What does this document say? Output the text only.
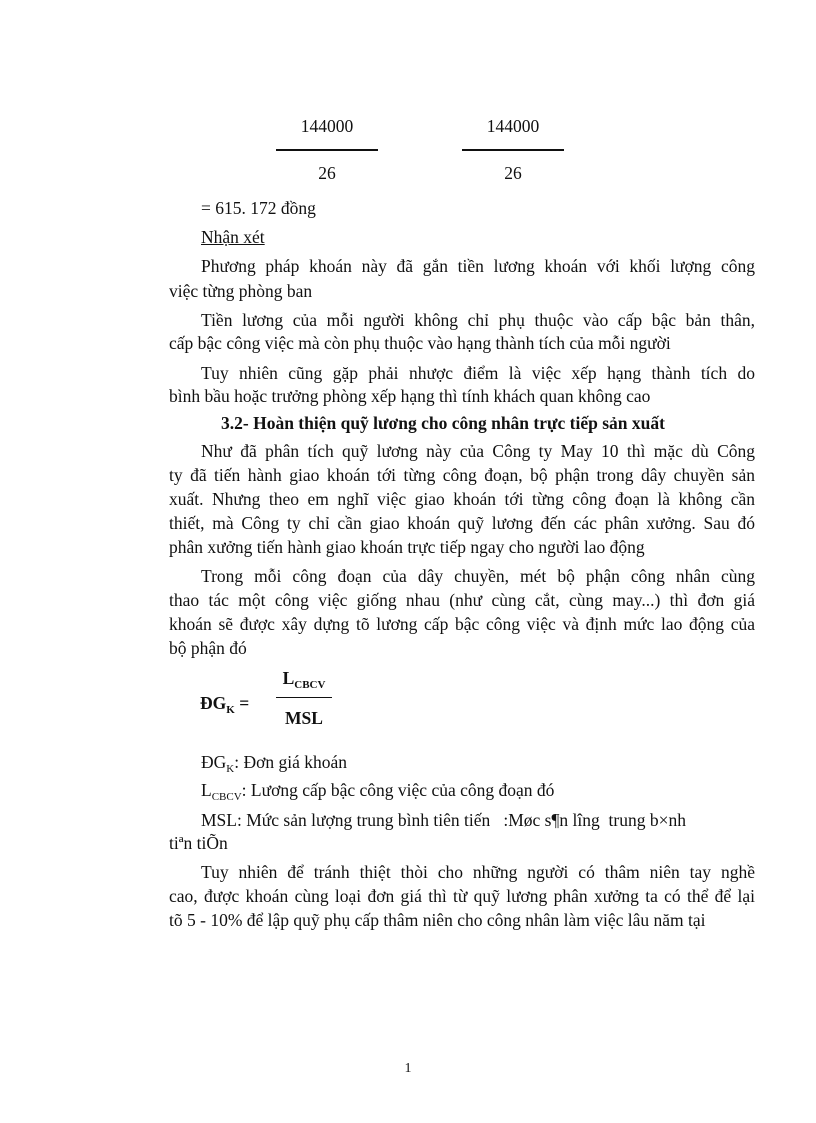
144000
26
144000
26
= 615. 172 đồng
Nhận xét
Phương pháp khoán này đã gắn tiền lương khoán với khối lượng công
việc từng phòng ban
Tiền lương của mỗi người không chỉ phụ thuộc vào cấp bậc bản thân,
cấp bậc công việc mà còn phụ thuộc vào hạng thành tích của mỗi người
Tuy nhiên cũng gặp phải nhược điểm là việc xếp hạng thành tích do
bình bầu hoặc trưởng phòng xếp hạng thì tính khách quan không cao
3.2- Hoàn thiện quỹ lương cho công nhân trực tiếp sản xuất
Như đã phân tích quỹ lương này của Công ty May 10 thì mặc dù Công
ty đã tiến hành giao khoán tới từng công đoạn, bộ phận trong dây chuyền sản
xuất. Nhưng theo em nghĩ việc giao khoán tới từng công đoạn là không cần
thiết, mà Công ty chỉ cần giao khoán quỹ lương đến các phân xưởng. Sau đó
phân xưởng tiến hành giao khoán trực tiếp ngay cho người lao động
Trong mỗi công đoạn của dây chuyền, mét bộ phận công nhân cùng
thao tác một công việc giống nhau (như cùng cắt, cùng may...) thì đơn giá
khoán sẽ được xây dựng tõ lương cấp bậc công việc và định mức lao động của
bộ phận đó
$ĐG_K$ =
$L_{CBCV}$
MSL
$ĐG_K$: Đơn giá khoán
$L_{CBCV}$: Lương cấp bậc công việc của công đoạn đó
MSL: Mức sản lượng trung bình tiên tiến   :Møc s¶n lîng  trung b×nh
tiªn tiÕn
Tuy nhiên để tránh thiệt thòi cho những người có thâm niên tay nghề
cao, được khoán cùng loại đơn giá thì từ quỹ lương phân xưởng ta có thể để lại
tõ 5 - 10% để lập quỹ phụ cấp thâm niên cho công nhân làm việc lâu năm tại
1
